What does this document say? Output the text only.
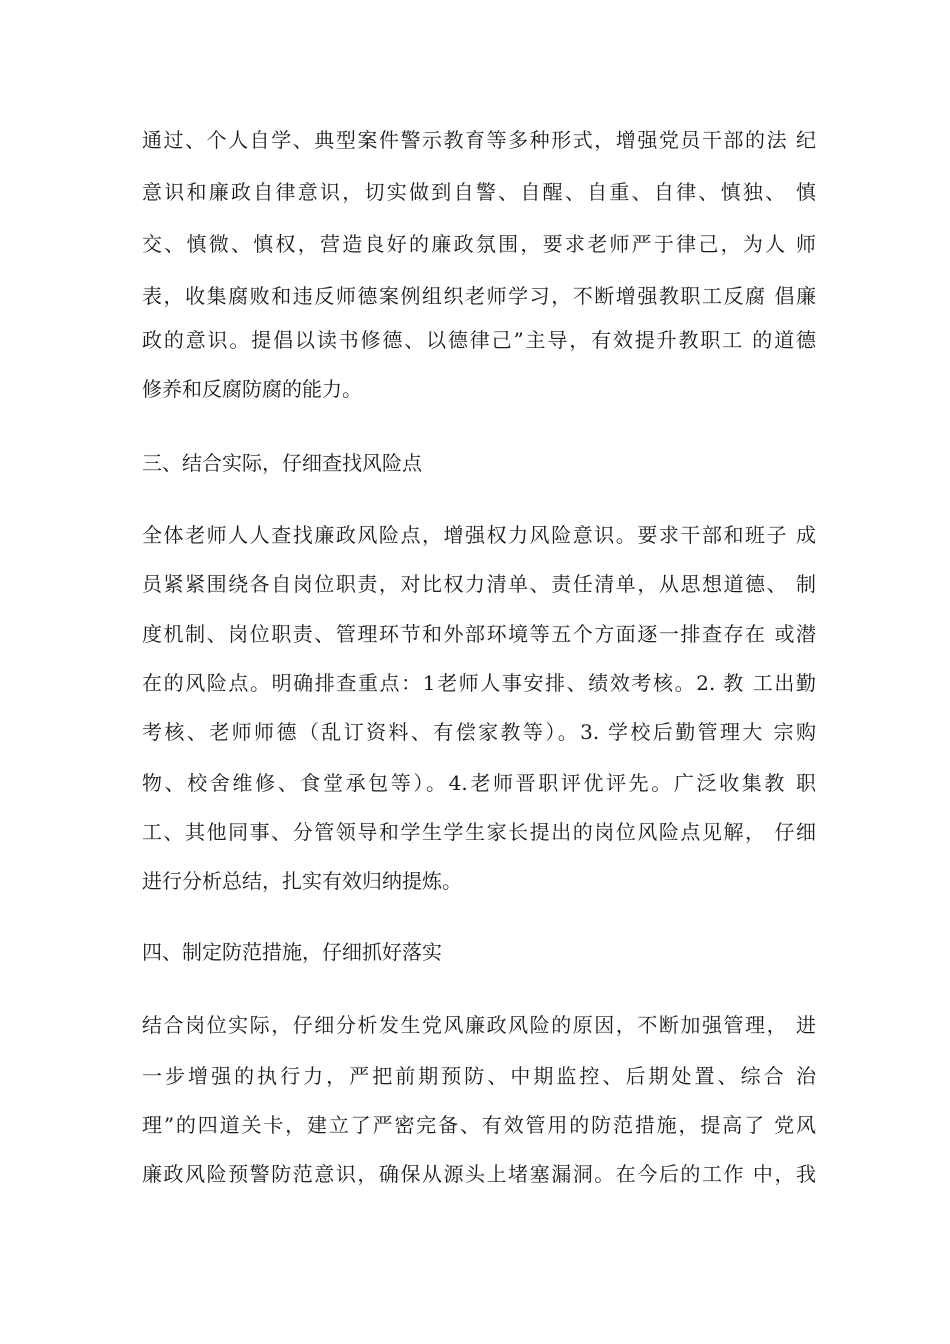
通过、个人自学、典型案件警示教育等多种形式，增强党员干部的法 纪
意识和廉政自律意识，切实做到自警、自醒、自重、自律、慎独、 慎
交、慎微、慎权，营造良好的廉政氛围，要求老师严于律己，为人 师
表，收集腐败和违反师德案例组织老师学习，不断增强教职工反腐 倡廉
政的意识。提倡以读书修德、以德律己”主导，有效提升教职工 的道德
修养和反腐防腐的能力。
三、结合实际，仔细查找风险点
全体老师人人查找廉政风险点，增强权力风险意识。要求干部和班子 成
员紧紧围绕各自岗位职责，对比权力清单、责任清单，从思想道德、 制
度机制、岗位职责、管理环节和外部环境等五个方面逐一排查存在 或潜
在的风险点。明确排查重点：1老师人事安排、绩效考核。2. 教 工出勤
考核、老师师德（乱订资料、有偿家教等）。3. 学校后勤管理大 宗购
物、校舍维修、食堂承包等）。4.老师晋职评优评先。广泛收集教 职
工、其他同事、分管领导和学生学生家长提出的岗位风险点见解， 仔细
进行分析总结，扎实有效归纳提炼。
四、制定防范措施，仔细抓好落实
结合岗位实际，仔细分析发生党风廉政风险的原因，不断加强管理， 进
一步增强的执行力，严把前期预防、中期监控、后期处置、综合 治
理”的四道关卡，建立了严密完备、有效管用的防范措施，提高了 党风
廉政风险预警防范意识，确保从源头上堵塞漏洞。在今后的工作 中，我
